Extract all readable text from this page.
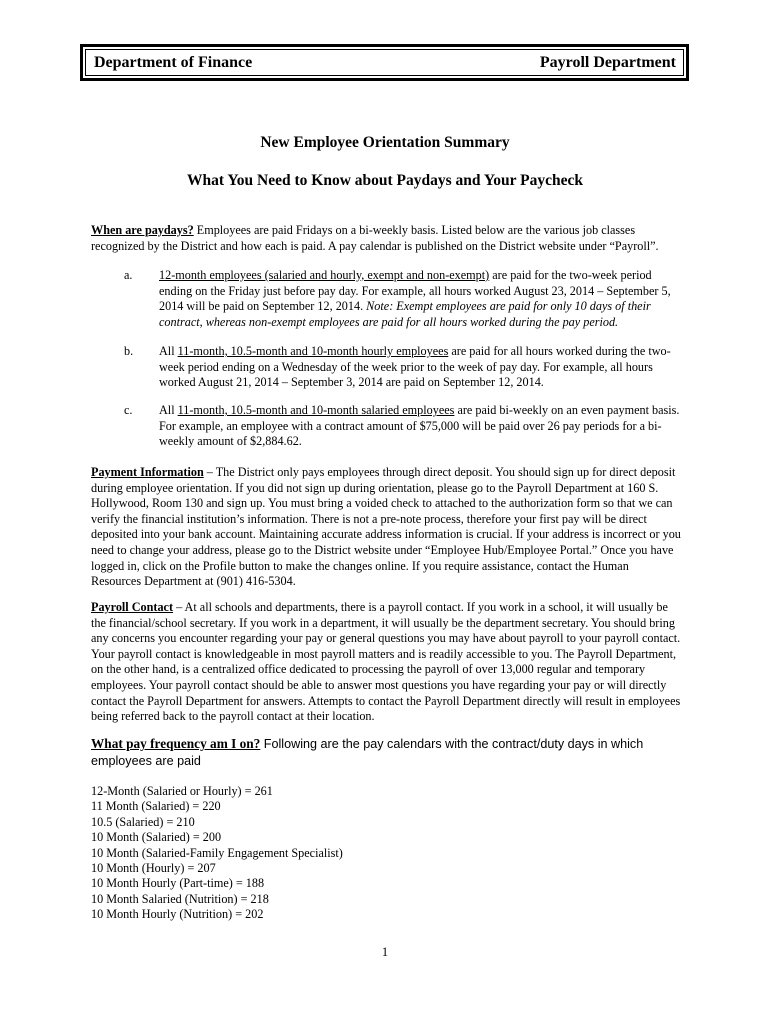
Department of Finance	Payroll Department
New Employee Orientation Summary
What You Need to Know about Paydays and Your Paycheck
When are paydays? Employees are paid Fridays on a bi-weekly basis. Listed below are the various job classes recognized by the District and how each is paid. A pay calendar is published on the District website under “Payroll”.
a.	12-month employees (salaried and hourly, exempt and non-exempt) are paid for the two-week period ending on the Friday just before pay day. For example, all hours worked August 23, 2014 – September 5, 2014 will be paid on September 12, 2014. Note: Exempt employees are paid for only 10 days of their contract, whereas non-exempt employees are paid for all hours worked during the pay period.
b.	All 11-month, 10.5-month and 10-month hourly employees are paid for all hours worked during the two-week period ending on a Wednesday of the week prior to the week of pay day. For example, all hours worked August 21, 2014 – September 3, 2014 are paid on September 12, 2014.
c.	All 11-month, 10.5-month and 10-month salaried employees are paid bi-weekly on an even payment basis. For example, an employee with a contract amount of $75,000 will be paid over 26 pay periods for a bi-weekly amount of $2,884.62.
Payment Information – The District only pays employees through direct deposit. You should sign up for direct deposit during employee orientation. If you did not sign up during orientation, please go to the Payroll Department at 160 S. Hollywood, Room 130 and sign up. You must bring a voided check to attached to the authorization form so that we can verify the financial institution’s information. There is not a pre-note process, therefore your first pay will be direct deposited into your bank account. Maintaining accurate address information is crucial. If your address is incorrect or you need to change your address, please go to the District website under “Employee Hub/Employee Portal.” Once you have logged in, click on the Profile button to make the changes online. If you require assistance, contact the Human Resources Department at (901) 416-5304.
Payroll Contact – At all schools and departments, there is a payroll contact. If you work in a school, it will usually be the financial/school secretary. If you work in a department, it will usually be the department secretary. You should bring any concerns you encounter regarding your pay or general questions you may have about payroll to your payroll contact. Your payroll contact is knowledgeable in most payroll matters and is readily accessible to you. The Payroll Department, on the other hand, is a centralized office dedicated to processing the payroll of over 13,000 regular and temporary employees. Your payroll contact should be able to answer most questions you have regarding your pay or will directly contact the Payroll Department for answers. Attempts to contact the Payroll Department directly will result in employees being referred back to the payroll contact at their location.
What pay frequency am I on? Following are the pay calendars with the contract/duty days in which employees are paid
12-Month (Salaried or Hourly) = 261
11 Month (Salaried) = 220
10.5 (Salaried) = 210
10 Month (Salaried) = 200
10 Month (Salaried-Family Engagement Specialist)
10 Month (Hourly) = 207
10 Month Hourly (Part-time) = 188
10 Month Salaried (Nutrition) = 218
10 Month Hourly (Nutrition) = 202
1
